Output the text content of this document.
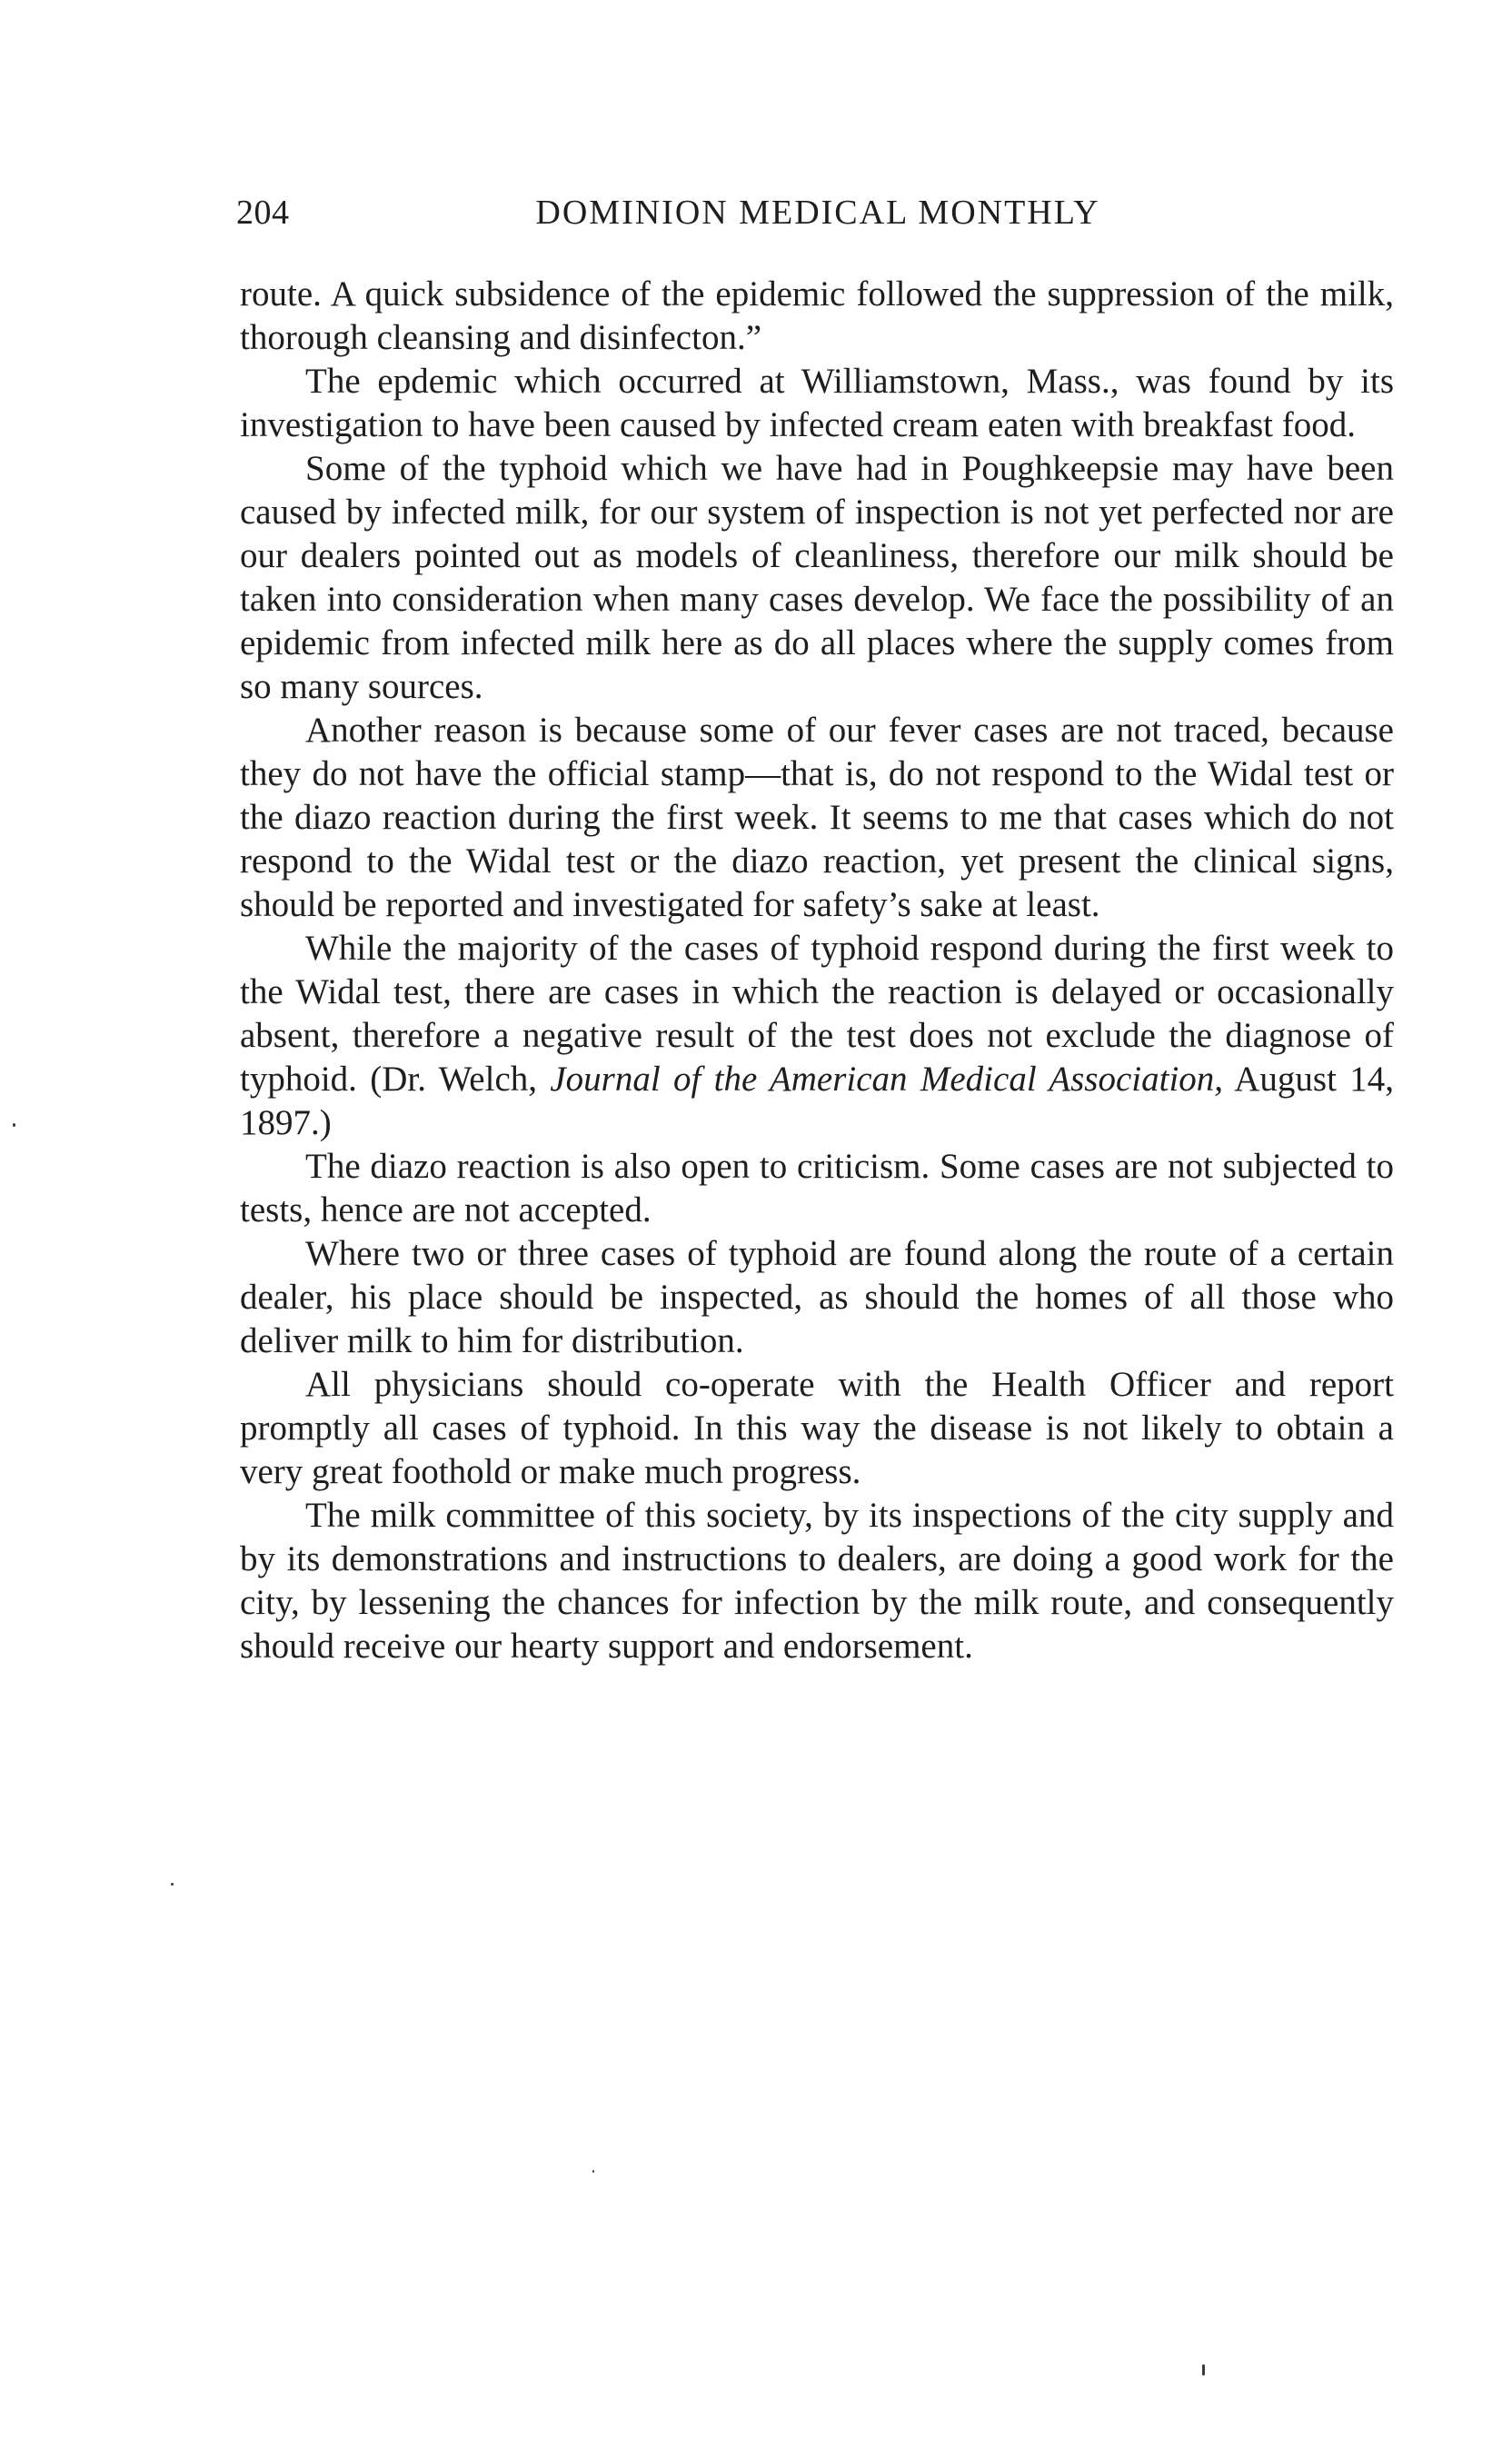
204	DOMINION MEDICAL MONTHLY

route. A quick subsidence of the epidemic followed the suppression of the milk, thorough cleansing and disinfecton.”

The epdemic which occurred at Williamstown, Mass., was found by its investigation to have been caused by infected cream eaten with breakfast food.

Some of the typhoid which we have had in Poughkeepsie may have been caused by infected milk, for our system of inspection is not yet perfected nor are our dealers pointed out as models of cleanliness, therefore our milk should be taken into consideration when many cases develop. We face the possibility of an epidemic from infected milk here as do all places where the supply comes from so many sources.

Another reason is because some of our fever cases are not traced, because they do not have the official stamp—that is, do not respond to the Widal test or the diazo reaction during the first week. It seems to me that cases which do not respond to the Widal test or the diazo reaction, yet present the clinical signs, should be reported and investigated for safety’s sake at least.

While the majority of the cases of typhoid respond during the first week to the Widal test, there are cases in which the reaction is delayed or occasionally absent, therefore a negative result of the test does not exclude the diagnose of typhoid. (Dr. Welch, Journal of the American Medical Association, August 14, 1897.)

The diazo reaction is also open to criticism. Some cases are not subjected to tests, hence are not accepted.

Where two or three cases of typhoid are found along the route of a certain dealer, his place should be inspected, as should the homes of all those who deliver milk to him for distribution.

All physicians should co-operate with the Health Officer and report promptly all cases of typhoid. In this way the disease is not likely to obtain a very great foothold or make much progress.

The milk committee of this society, by its inspections of the city supply and by its demonstrations and instructions to dealers, are doing a good work for the city, by lessening the chances for infection by the milk route, and consequently should receive our hearty support and endorsement.
